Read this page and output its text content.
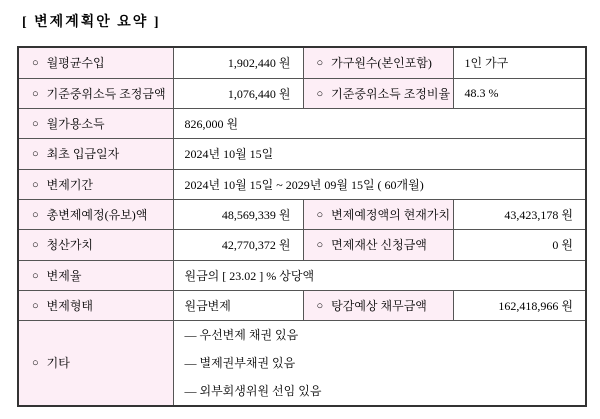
[ 변제계획안 요약 ]
○ 월평균수입	1,902,440 원	○ 가구원수(본인포함)	1인 가구
○ 기준중위소득 조정금액	1,076,440 원	○ 기준중위소득 조정비율	48.3 %
○ 월가용소득	826,000 원		
○ 최초 입금일자	2024년 10월 15일		
○ 변제기간	2024년 10월 15일 ~ 2029년 09월 15일 ( 60개월)		
○ 총변제예정(유보)액	48,569,339 원	○ 변제예정액의 현재가치	43,423,178 원
○ 청산가치	42,770,372 원	○ 면제재산 신청금액	0 원
○ 변제율	원금의 [ 23.02 ] % 상당액		
○ 변제형태	원금변제	○ 탕감예상 채무금액	162,418,966 원
○ 기타	— 우선변제 채권 있음
— 별제권부채권 있음
— 외부회생위원 선임 있음		
